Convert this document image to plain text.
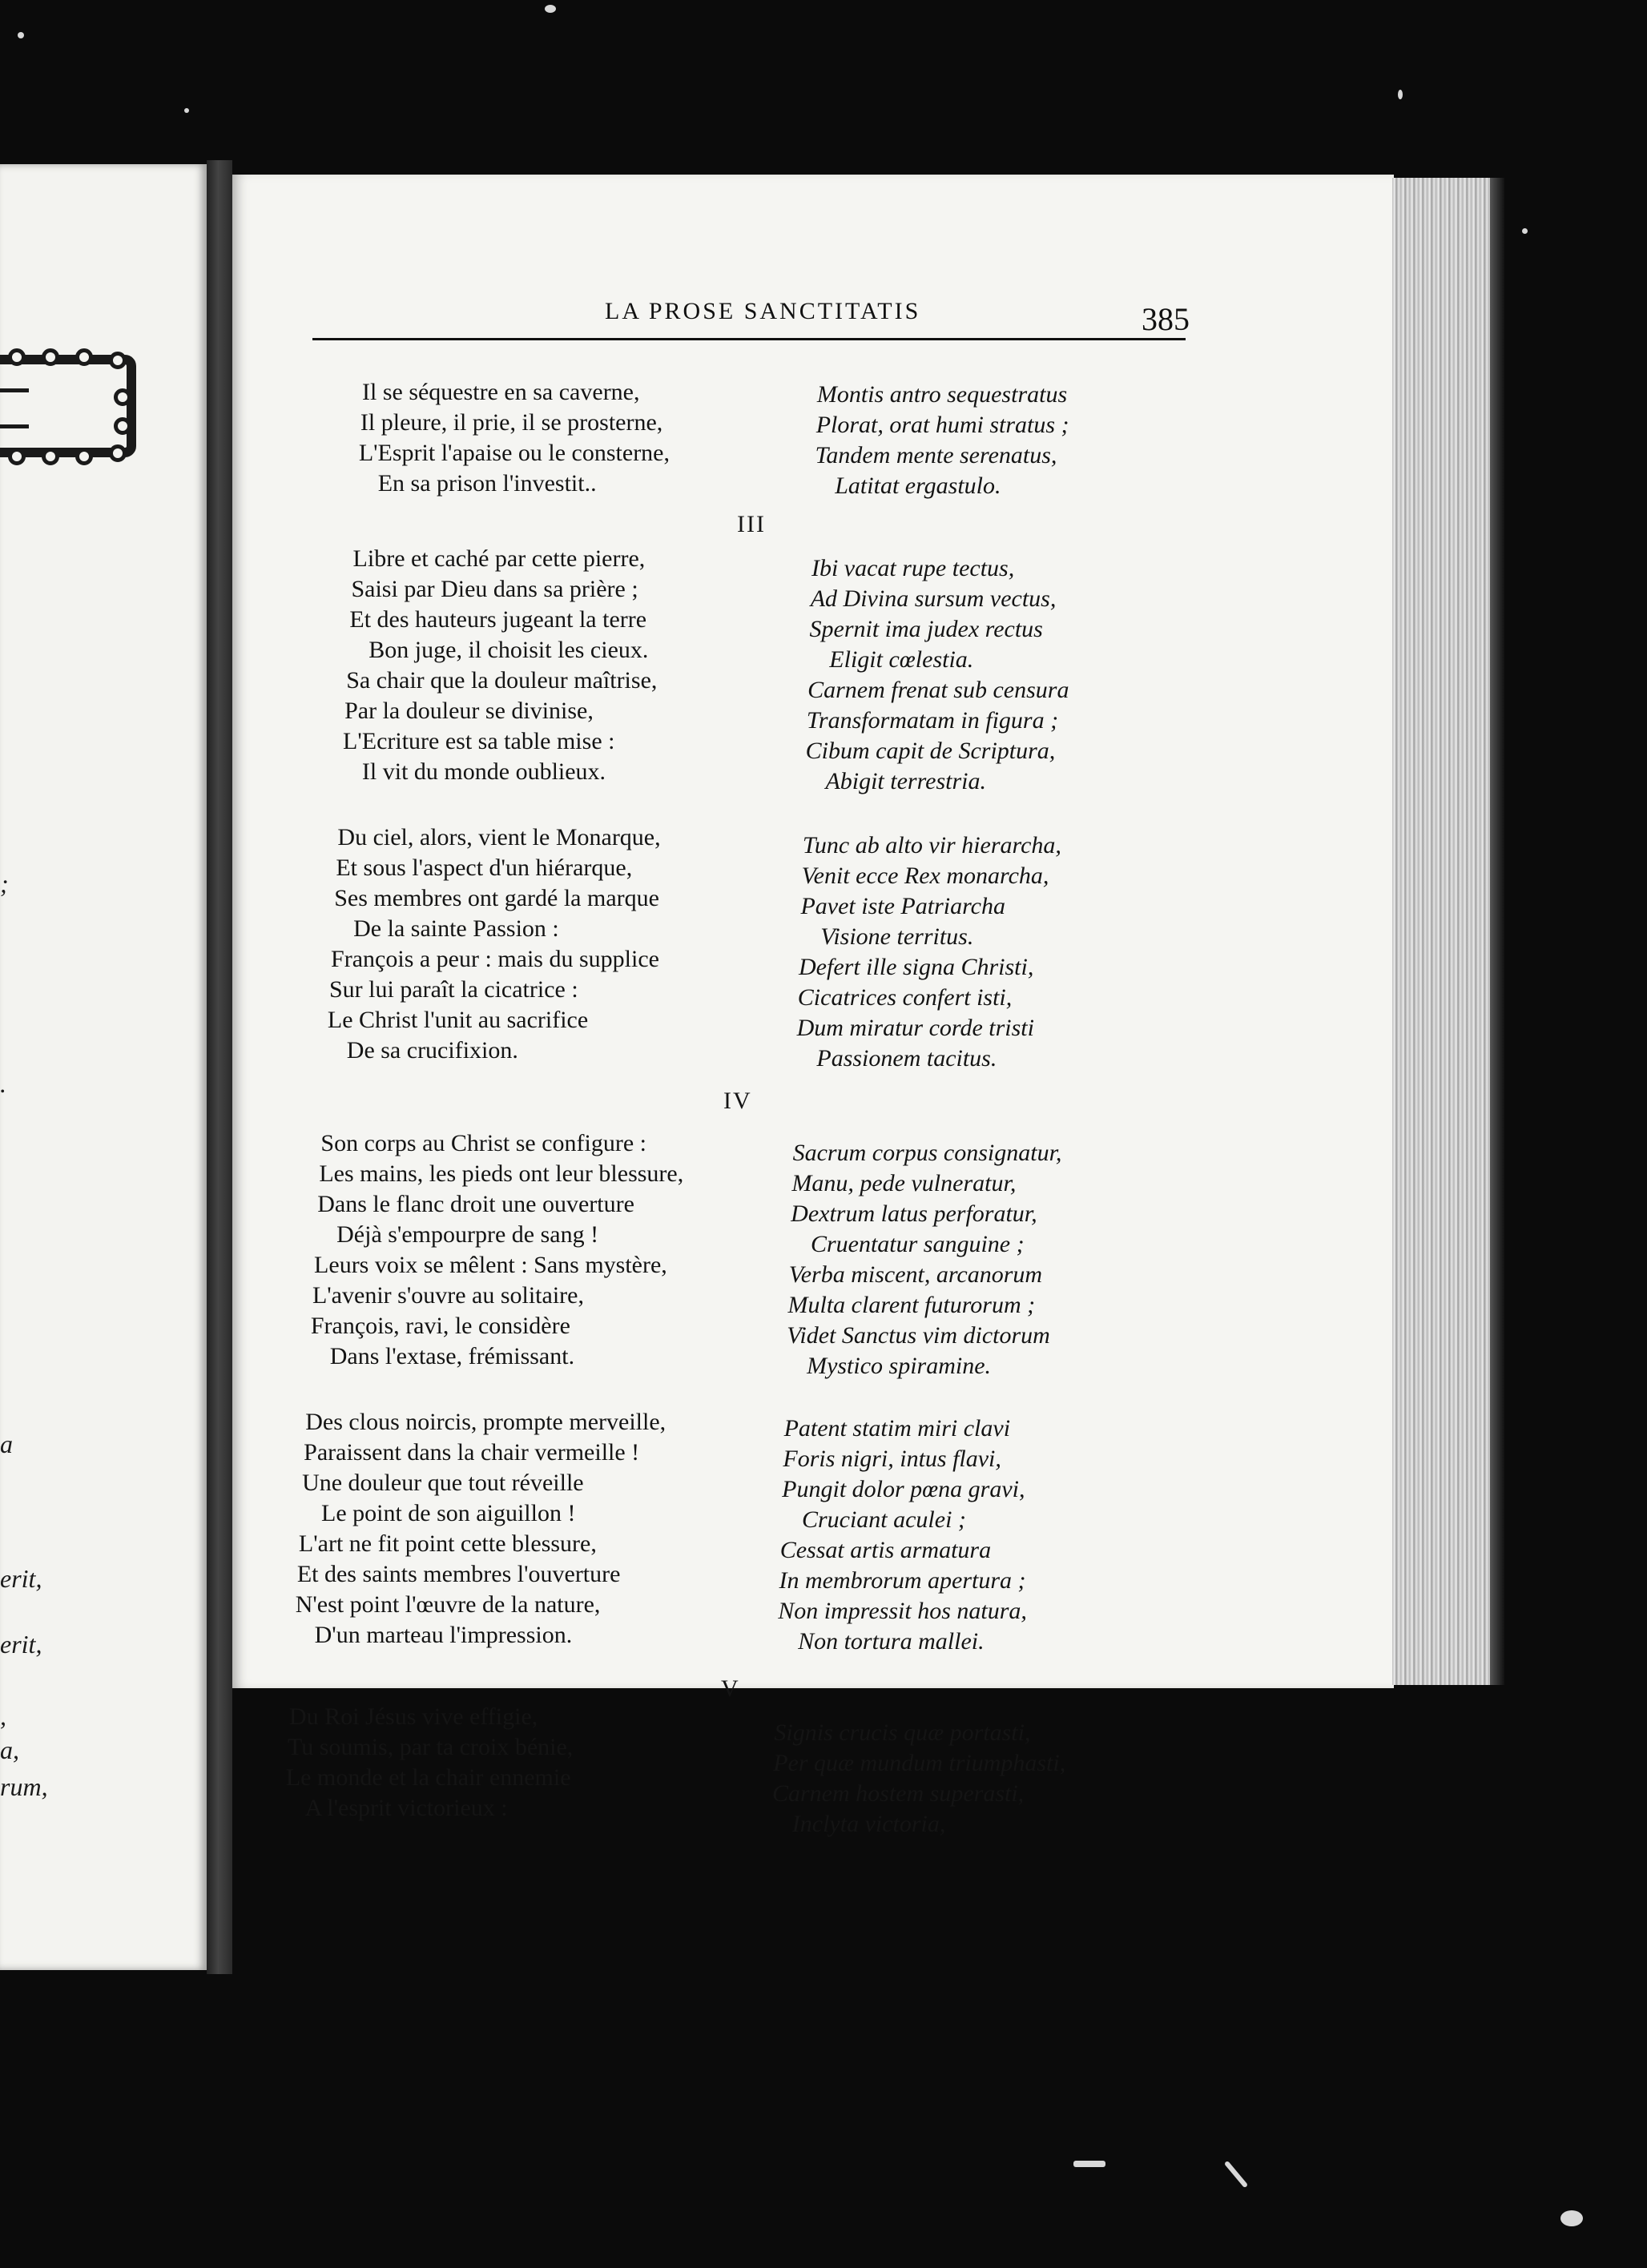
;
.
a
erit,
erit,
,
a,
rum,
LA PROSE SANCTITATIS	385
III
IV
V
Il se séquestre en sa caverne,
Il pleure, il prie, il se prosterne,
L'Esprit l'apaise ou le consterne,
En sa prison l'investit..
Libre et caché par cette pierre,
Saisi par Dieu dans sa prière ;
Et des hauteurs jugeant la terre
Bon juge, il choisit les cieux.
Sa chair que la douleur maîtrise,
Par la douleur se divinise,
L'Ecriture est sa table mise :
Il vit du monde oublieux.
Du ciel, alors, vient le Monarque,
Et sous l'aspect d'un hiérarque,
Ses membres ont gardé la marque
De la sainte Passion :
François a peur : mais du supplice
Sur lui paraît la cicatrice :
Le Christ l'unit au sacrifice
De sa crucifixion.
Son corps au Christ se configure :
Les mains, les pieds ont leur blessure,
Dans le flanc droit une ouverture
Déjà s'empourpre de sang !
Leurs voix se mêlent : Sans mystère,
L'avenir s'ouvre au solitaire,
François, ravi, le considère
Dans l'extase, frémissant.
Des clous noircis, prompte merveille,
Paraissent dans la chair vermeille !
Une douleur que tout réveille
Le point de son aiguillon !
L'art ne fit point cette blessure,
Et des saints membres l'ouverture
N'est point l'œuvre de la nature,
D'un marteau l'impression.
Du Roi Jésus vive effigie,
Tu soumis, par ta croix bénie,
Le monde et la chair ennemie
A l'esprit victorieux :
Montis antro sequestratus
Plorat, orat humi stratus ;
Tandem mente serenatus,
Latitat ergastulo.
Ibi vacat rupe tectus,
Ad Divina sursum vectus,
Spernit ima judex rectus
Eligit cœlestia.
Carnem frenat sub censura
Transformatam in figura ;
Cibum capit de Scriptura,
Abigit terrestria.
Tunc ab alto vir hierarcha,
Venit ecce Rex monarcha,
Pavet iste Patriarcha
Visione territus.
Defert ille signa Christi,
Cicatrices confert isti,
Dum miratur corde tristi
Passionem tacitus.
Sacrum corpus consignatur,
Manu, pede vulneratur,
Dextrum latus perforatur,
Cruentatur sanguine ;
Verba miscent, arcanorum
Multa clarent futurorum ;
Videt Sanctus vim dictorum
Mystico spiramine.
Patent statim miri clavi
Foris nigri, intus flavi,
Pungit dolor pœna gravi,
Cruciant aculei ;
Cessat artis armatura
In membrorum apertura ;
Non impressit hos natura,
Non tortura mallei.
Signis crucis quæ portasti,
Per quæ mundum triumphasti,
Carnem hostem superasti,
Inclyta victoria,
